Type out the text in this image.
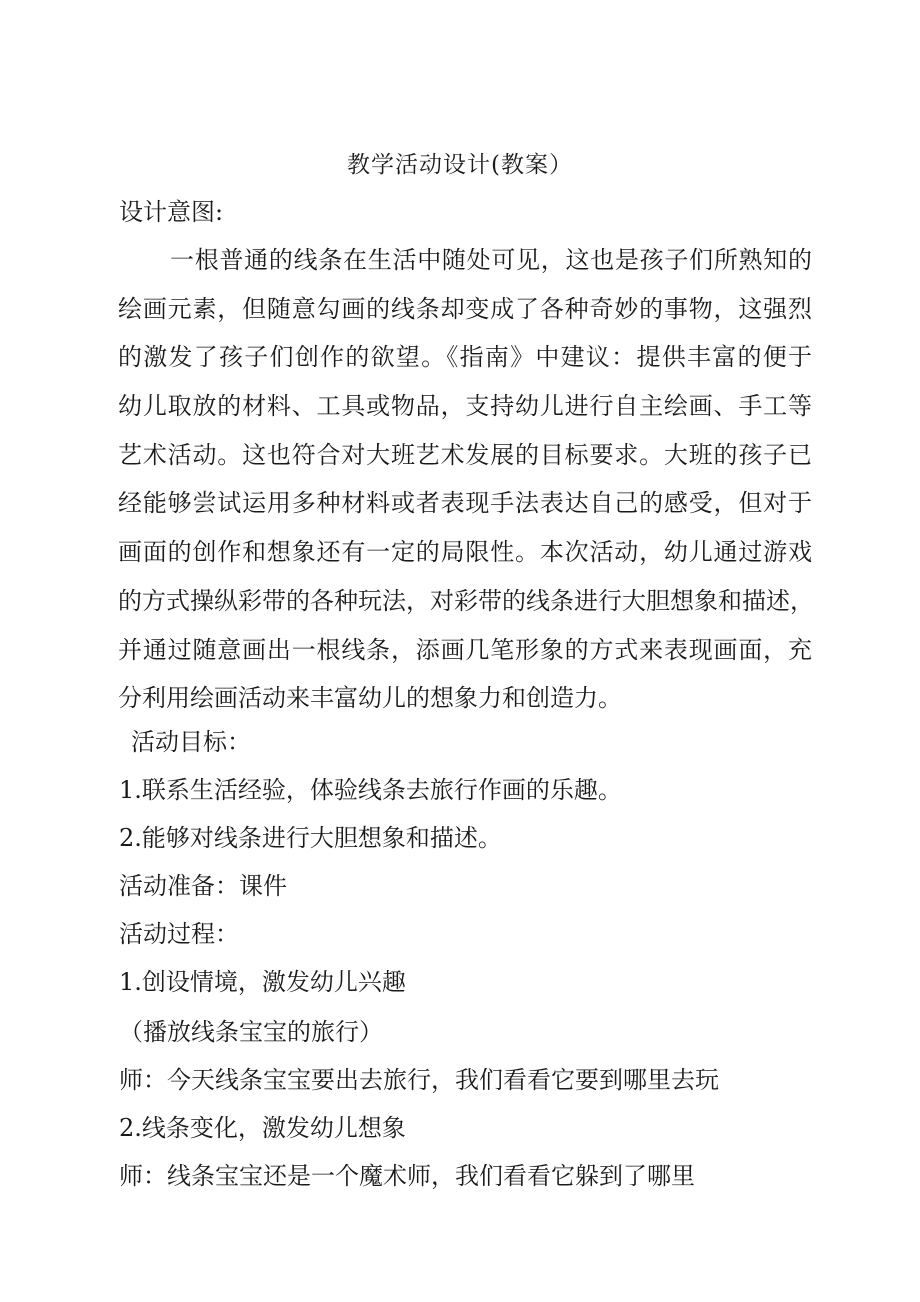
教学活动设计(教案）
设计意图:
一根普通的线条在生活中随处可见，这也是孩子们所熟知的
绘画元素，但随意勾画的线条却变成了各种奇妙的事物，这强烈
的激发了孩子们创作的欲望。《指南》中建议：提供丰富的便于
幼儿取放的材料、工具或物品，支持幼儿进行自主绘画、手工等
艺术活动。这也符合对大班艺术发展的目标要求。大班的孩子已
经能够尝试运用多种材料或者表现手法表达自己的感受，但对于
画面的创作和想象还有一定的局限性。本次活动，幼儿通过游戏
的方式操纵彩带的各种玩法，对彩带的线条进行大胆想象和描述，
并通过随意画出一根线条，添画几笔形象的方式来表现画面，充
分利用绘画活动来丰富幼儿的想象力和创造力。
活动目标：
1.联系生活经验，体验线条去旅行作画的乐趣。
2.能够对线条进行大胆想象和描述。
活动准备：课件
活动过程：
1.创设情境，激发幼儿兴趣
（播放线条宝宝的旅行）
师：今天线条宝宝要出去旅行，我们看看它要到哪里去玩
2.线条变化，激发幼儿想象
师：线条宝宝还是一个魔术师，我们看看它躲到了哪里
